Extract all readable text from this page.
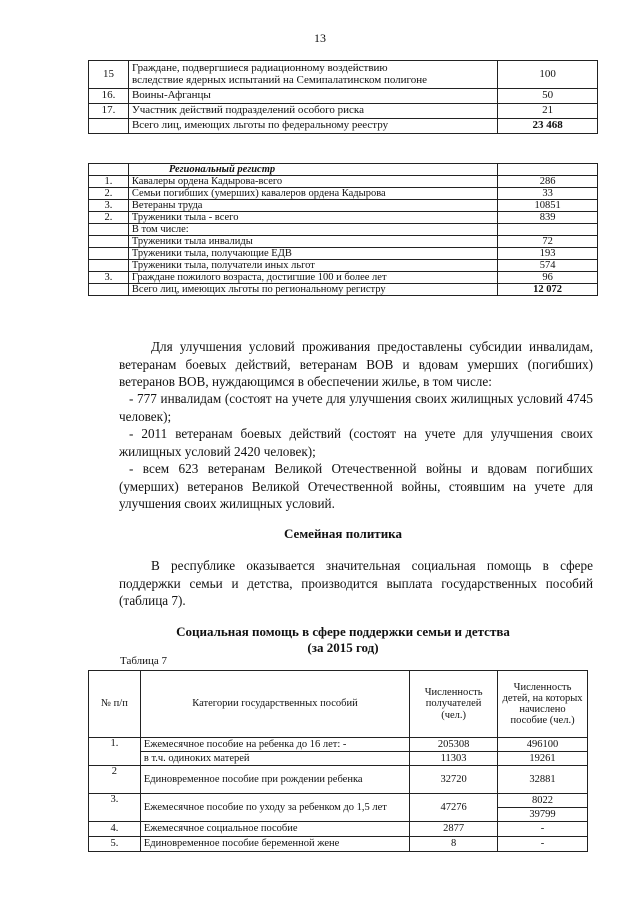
13
15	Граждане, подвергшиеся радиационному воздействию
вследствие ядерных испытаний на Семипалатинском полигоне	100
16.	Воины-Афганцы	50
17.	Участник действий подразделений особого риска	21
	Всего лиц, имеющих льготы по федеральному реестру	23 468
	Региональный регистр	
1.	Кавалеры ордена Кадырова-всего	286
2.	Семьи погибших (умерших) кавалеров ордена Кадырова	33
3.	Ветераны труда	10851
2.	Труженики тыла - всего	839
	В том числе:	
	Труженики тыла инвалиды	72
	Труженики тыла, получающие ЕДВ	193
	Труженики тыла, получатели иных льгот	574
3.	Граждане пожилого возраста, достигшие 100 и более лет	96
	Всего лиц, имеющих льготы по региональному регистру	12 072

Для улучшения условий проживания предоставлены субсидии инвалидам, ветеранам боевых действий, ветеранам ВОВ и вдовам умерших (погибших) ветеранов ВОВ, нуждающимся в обеспечении жилье, в том числе:

- 777 инвалидам (состоят на учете для улучшения своих жилищных условий 4745 человек);

- 2011 ветеранам боевых действий (состоят на учете для улучшения своих жилищных условий 2420 человек);

- всем 623 ветеранам Великой Отечественной войны и вдовам погибших (умерших) ветеранов Великой Отечественной войны, стоявшим на учете для улучшения своих жилищных условий.

Семейная политика

В республике оказывается значительная социальная помощь в сфере поддержки семьи и детства, производится выплата государственных пособий (таблица 7).

Социальная помощь в сфере поддержки семьи и детства
(за 2015 год)
Таблица 7
№ п/п	Категории государственных пособий	Численность получателей (чел.)	Численность детей, на которых начислено пособие (чел.)
1.	Ежемесячное пособие на ребенка до 16 лет: -	205308	496100
	в т.ч. одиноких матерей	11303	19261
2	Единовременное пособие при рождении ребенка	32720	32881
3.	Ежемесячное пособие по уходу за ребенком до 1,5 лет	47276	8022
			39799
4.	Ежемесячное социальное пособие	2877	-
5.	Единовременное пособие беременной жене	8	-
